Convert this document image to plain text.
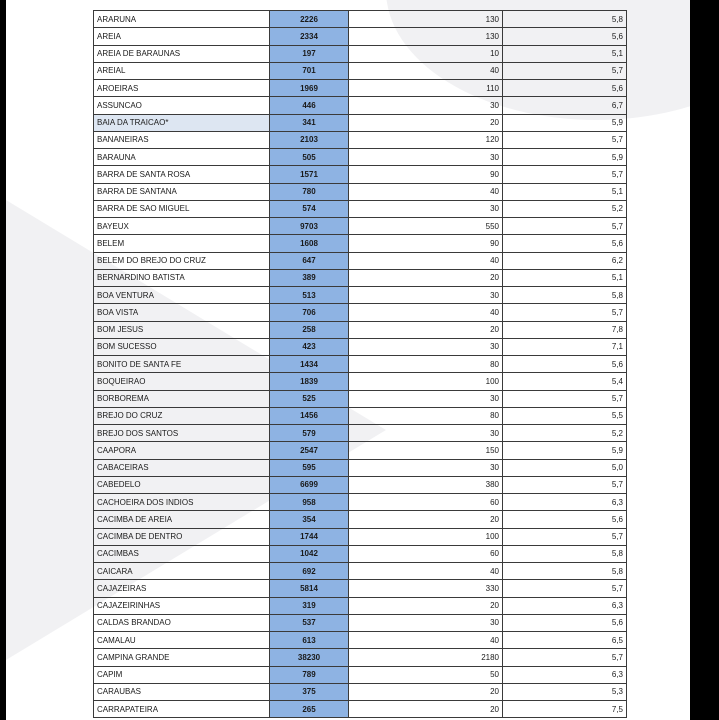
ARARUNA	2226	130	5,8
AREIA	2334	130	5,6
AREIA DE BARAUNAS	197	10	5,1
AREIAL	701	40	5,7
AROEIRAS	1969	110	5,6
ASSUNCAO	446	30	6,7
BAIA DA TRAICAO*	341	20	5,9
BANANEIRAS	2103	120	5,7
BARAUNA	505	30	5,9
BARRA DE SANTA ROSA	1571	90	5,7
BARRA DE SANTANA	780	40	5,1
BARRA DE SAO MIGUEL	574	30	5,2
BAYEUX	9703	550	5,7
BELEM	1608	90	5,6
BELEM DO BREJO DO CRUZ	647	40	6,2
BERNARDINO BATISTA	389	20	5,1
BOA VENTURA	513	30	5,8
BOA VISTA	706	40	5,7
BOM JESUS	258	20	7,8
BOM SUCESSO	423	30	7,1
BONITO DE SANTA FE	1434	80	5,6
BOQUEIRAO	1839	100	5,4
BORBOREMA	525	30	5,7
BREJO DO CRUZ	1456	80	5,5
BREJO DOS SANTOS	579	30	5,2
CAAPORA	2547	150	5,9
CABACEIRAS	595	30	5,0
CABEDELO	6699	380	5,7
CACHOEIRA DOS INDIOS	958	60	6,3
CACIMBA DE AREIA	354	20	5,6
CACIMBA DE DENTRO	1744	100	5,7
CACIMBAS	1042	60	5,8
CAICARA	692	40	5,8
CAJAZEIRAS	5814	330	5,7
CAJAZEIRINHAS	319	20	6,3
CALDAS BRANDAO	537	30	5,6
CAMALAU	613	40	6,5
CAMPINA GRANDE	38230	2180	5,7
CAPIM	789	50	6,3
CARAUBAS	375	20	5,3
CARRAPATEIRA	265	20	7,5
